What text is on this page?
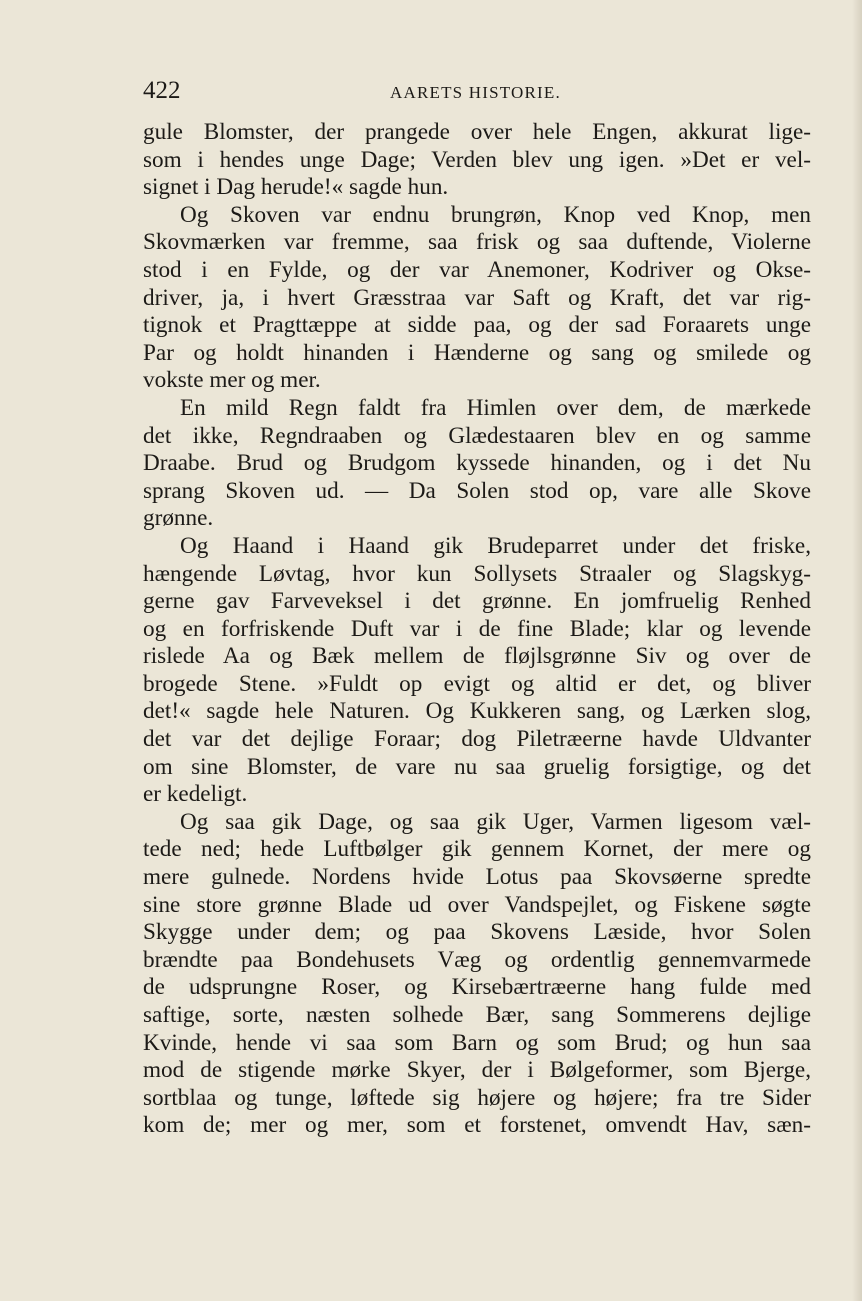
422	AARETS HISTORIE.
gule Blomster, der prangede over hele Engen, akkurat lige-
som i hendes unge Dage; Verden blev ung igen. »Det er vel-
signet i Dag herude!« sagde hun.
Og Skoven var endnu brungrøn, Knop ved Knop, men
Skovmærken var fremme, saa frisk og saa duftende, Violerne
stod i en Fylde, og der var Anemoner, Kodriver og Okse-
driver, ja, i hvert Græsstraa var Saft og Kraft, det var rig-
tignok et Pragttæppe at sidde paa, og der sad Foraarets unge
Par og holdt hinanden i Hænderne og sang og smilede og
vokste mer og mer.
En mild Regn faldt fra Himlen over dem, de mærkede
det ikke, Regndraaben og Glædestaaren blev en og samme
Draabe. Brud og Brudgom kyssede hinanden, og i det Nu
sprang Skoven ud. — Da Solen stod op, vare alle Skove
grønne.
Og Haand i Haand gik Brudeparret under det friske,
hængende Løvtag, hvor kun Sollysets Straaler og Slagskyg-
gerne gav Farveveksel i det grønne. En jomfruelig Renhed
og en forfriskende Duft var i de fine Blade; klar og levende
rislede Aa og Bæk mellem de fløjlsgrønne Siv og over de
brogede Stene. »Fuldt op evigt og altid er det, og bliver
det!« sagde hele Naturen. Og Kukkeren sang, og Lærken slog,
det var det dejlige Foraar; dog Piletræerne havde Uldvanter
om sine Blomster, de vare nu saa gruelig forsigtige, og det
er kedeligt.
Og saa gik Dage, og saa gik Uger, Varmen ligesom væl-
tede ned; hede Luftbølger gik gennem Kornet, der mere og
mere gulnede. Nordens hvide Lotus paa Skovsøerne spredte
sine store grønne Blade ud over Vandspejlet, og Fiskene søgte
Skygge under dem; og paa Skovens Læside, hvor Solen
brændte paa Bondehusets Væg og ordentlig gennemvarmede
de udsprungne Roser, og Kirsebærtræerne hang fulde med
saftige, sorte, næsten solhede Bær, sang Sommerens dejlige
Kvinde, hende vi saa som Barn og som Brud; og hun saa
mod de stigende mørke Skyer, der i Bølgeformer, som Bjerge,
sortblaa og tunge, løftede sig højere og højere; fra tre Sider
kom de; mer og mer, som et forstenet, omvendt Hav, sæn-
